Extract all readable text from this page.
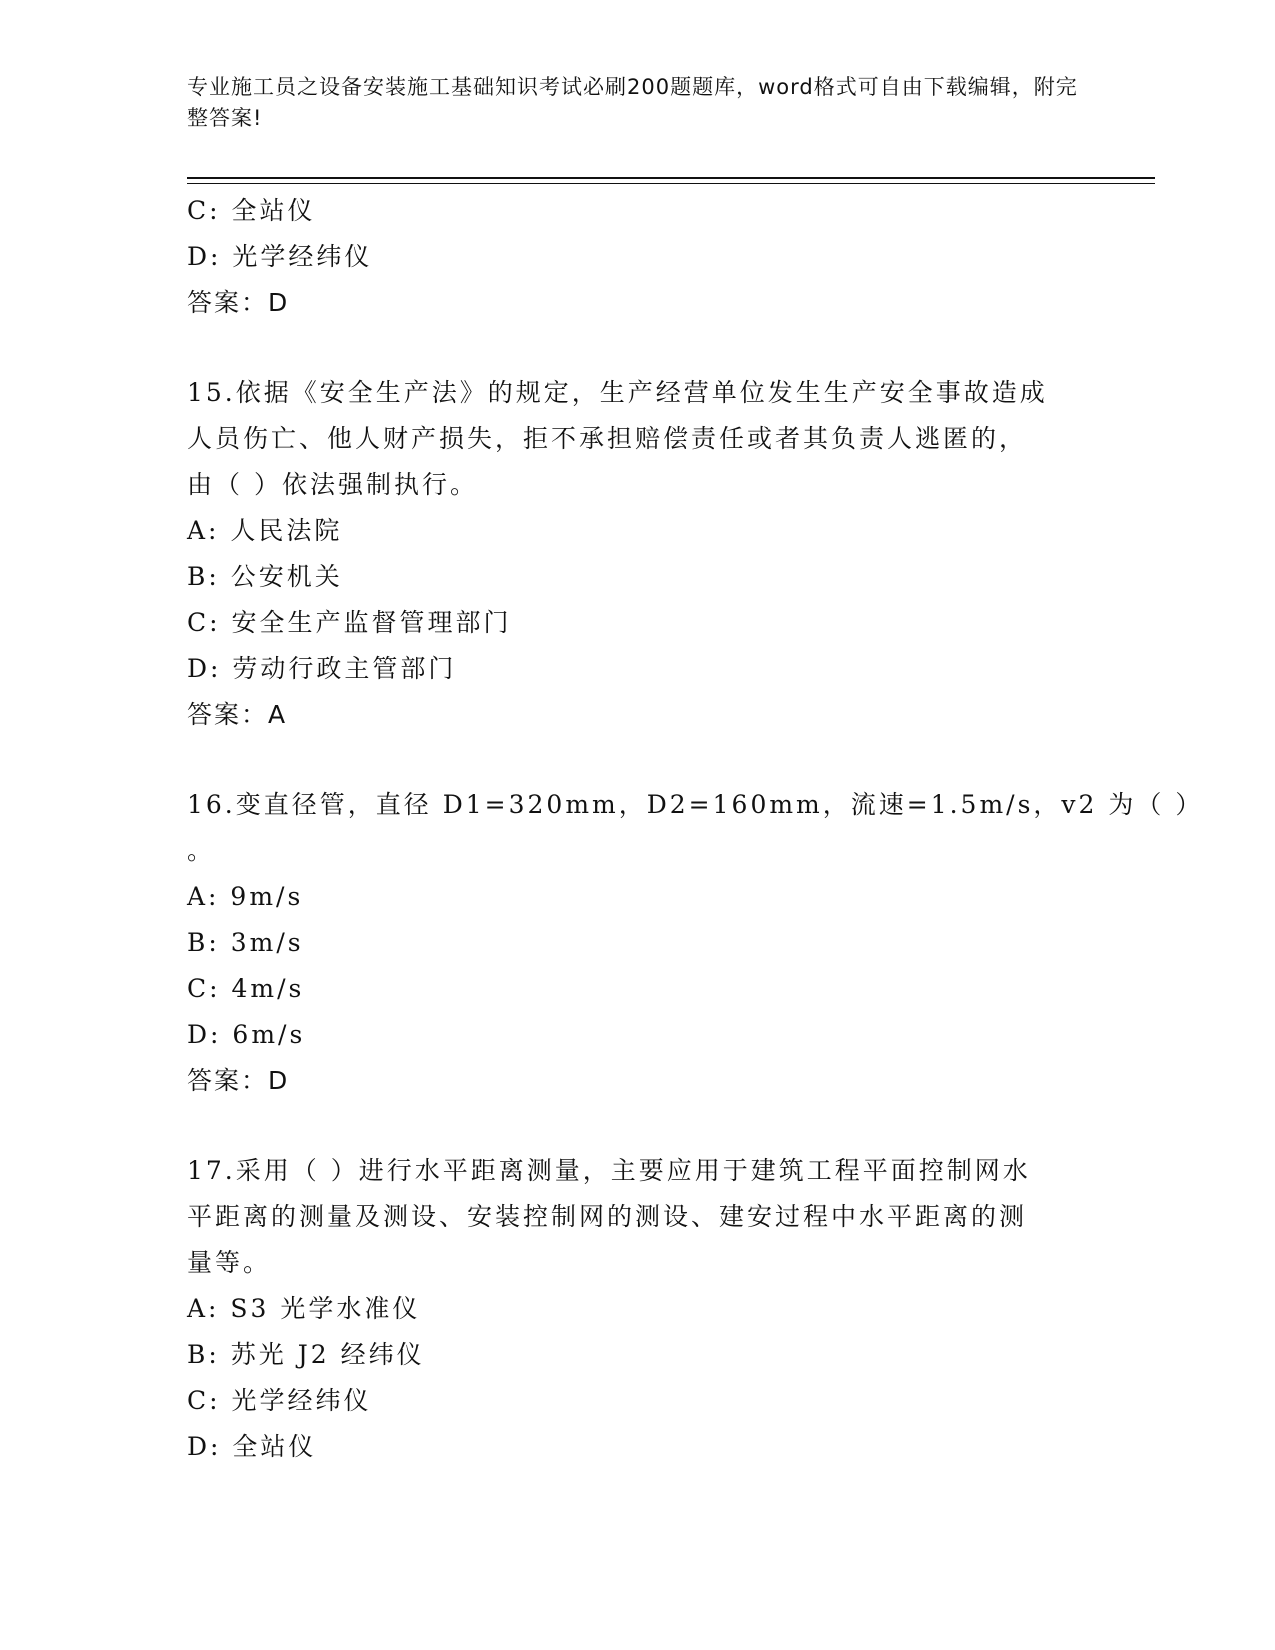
专业施工员之设备安装施工基础知识考试必刷200题题库，word格式可自由下载编辑，附完整答案!
C: 全站仪
D: 光学经纬仪
答案：D
15.依据《安全生产法》的规定，生产经营单位发生生产安全事故造成
人员伤亡、他人财产损失，拒不承担赔偿责任或者其负责人逃匿的，
由（ ）依法强制执行。
A: 人民法院
B: 公安机关
C: 安全生产监督管理部门
D: 劳动行政主管部门
答案：A
16.变直径管，直径 D1=320mm，D2=160mm，流速=1.5m/s，v2 为（ ）
。
A: 9m/s
B: 3m/s
C: 4m/s
D: 6m/s
答案：D
17.采用（ ）进行水平距离测量，主要应用于建筑工程平面控制网水
平距离的测量及测设、安装控制网的测设、建安过程中水平距离的测
量等。
A: S3 光学水准仪
B: 苏光 J2 经纬仪
C: 光学经纬仪
D: 全站仪
